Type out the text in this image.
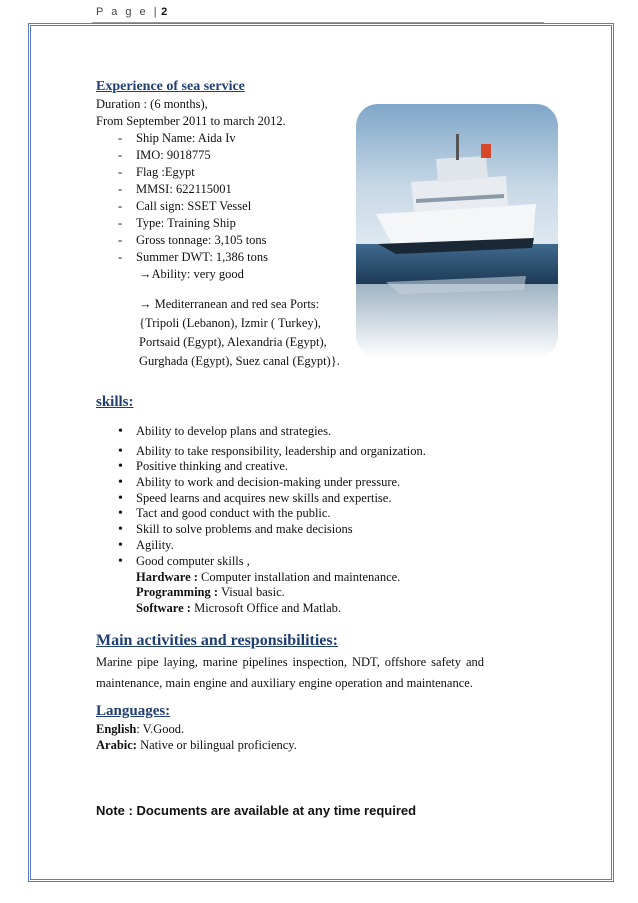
P a g e | 2
Experience of sea service
Duration : (6 months),
From September 2011 to march 2012.
- Ship Name: Aida Iv
- IMO: 9018775
- Flag :Egypt
- MMSI: 622115001
- Call sign: SSET Vessel
- Type: Training Ship
- Gross tonnage: 3,105 tons
- Summer DWT: 1,386 tons
→Ability: very good
→ Mediterranean and red sea Ports:
{Tripoli (Lebanon), Izmir ( Turkey),
Portsaid (Egypt), Alexandria (Egypt),
Gurghada (Egypt), Suez canal (Egypt)}.
skills:
• Ability to develop plans and strategies.
• Ability to take responsibility, leadership and organization.
• Positive thinking and creative.
• Ability to work and decision-making under pressure.
• Speed learns and acquires new skills and expertise.
• Tact and good conduct with the public.
• Skill to solve problems and make decisions
• Agility.
• Good computer skills ,
Hardware : Computer installation and maintenance.
Programming : Visual basic.
Software : Microsoft Office and Matlab.
Main activities and responsibilities:
Marine pipe laying, marine pipelines inspection, NDT, offshore safety and maintenance, main engine and auxiliary engine operation and maintenance.
Languages:
English: V.Good.
Arabic: Native or bilingual proficiency.
Note : Documents are available at any time required
